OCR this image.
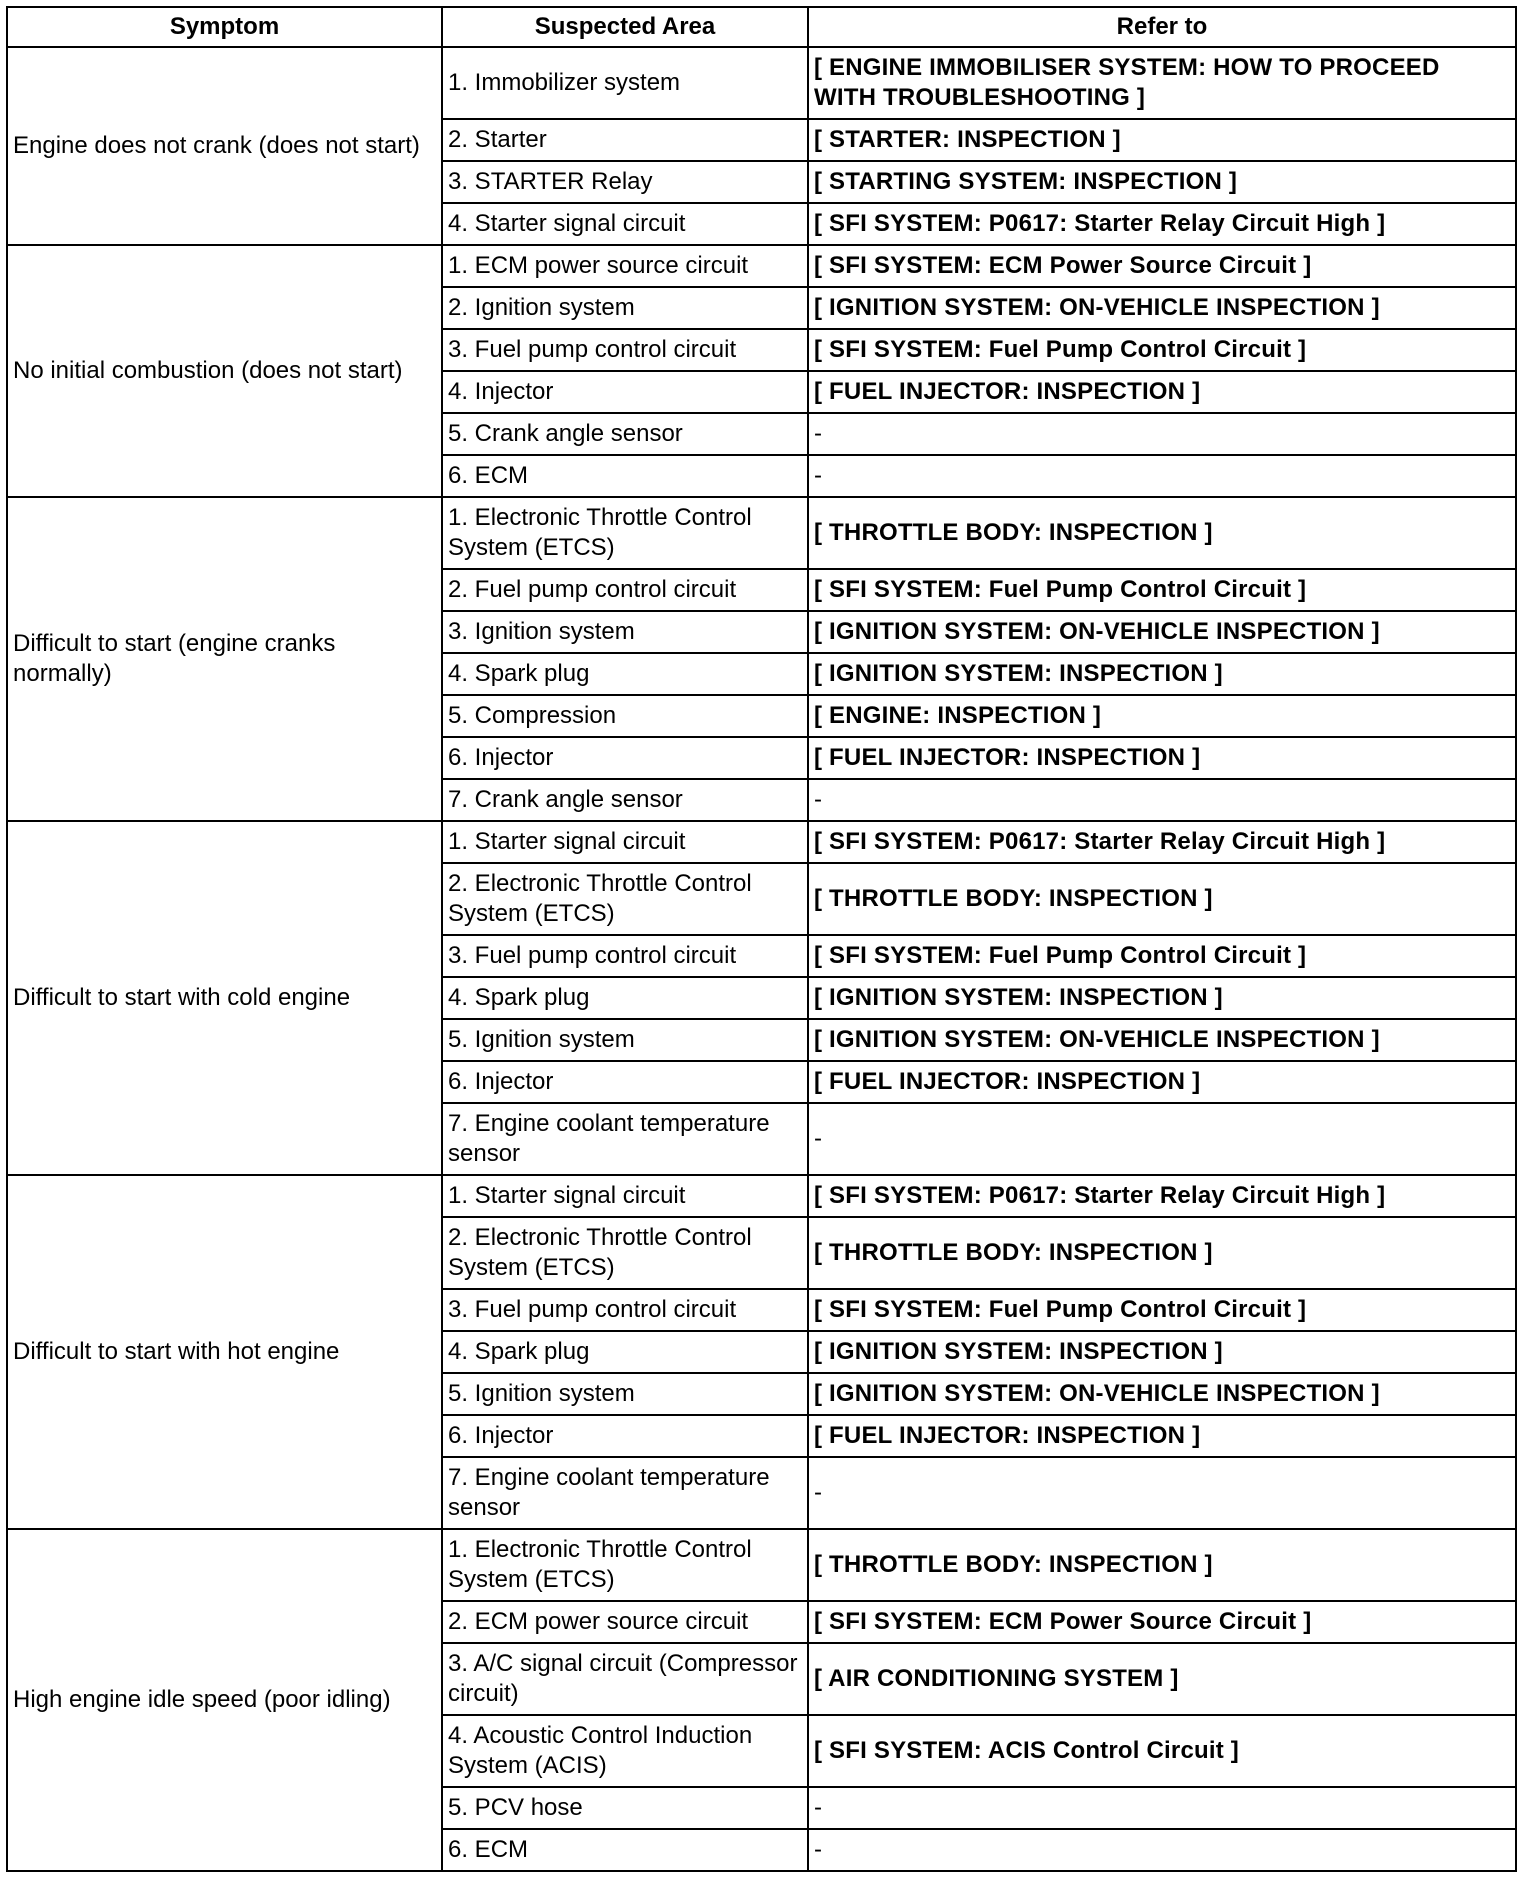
Symptom	Suspected Area	Refer to
Engine does not crank (does not start)	1. Immobilizer system	[ ENGINE IMMOBILISER SYSTEM: HOW TO PROCEED WITH TROUBLESHOOTING ]
	2. Starter	[ STARTER: INSPECTION ]
	3. STARTER Relay	[ STARTING SYSTEM: INSPECTION ]
	4. Starter signal circuit	[ SFI SYSTEM: P0617: Starter Relay Circuit High ]
No initial combustion (does not start)	1. ECM power source circuit	[ SFI SYSTEM: ECM Power Source Circuit ]
	2. Ignition system	[ IGNITION SYSTEM: ON-VEHICLE INSPECTION ]
	3. Fuel pump control circuit	[ SFI SYSTEM: Fuel Pump Control Circuit ]
	4. Injector	[ FUEL INJECTOR: INSPECTION ]
	5. Crank angle sensor	-
	6. ECM	-
Difficult to start (engine cranks normally)	1. Electronic Throttle Control System (ETCS)	[ THROTTLE BODY: INSPECTION ]
	2. Fuel pump control circuit	[ SFI SYSTEM: Fuel Pump Control Circuit ]
	3. Ignition system	[ IGNITION SYSTEM: ON-VEHICLE INSPECTION ]
	4. Spark plug	[ IGNITION SYSTEM: INSPECTION ]
	5. Compression	[ ENGINE: INSPECTION ]
	6. Injector	[ FUEL INJECTOR: INSPECTION ]
	7. Crank angle sensor	-
Difficult to start with cold engine	1. Starter signal circuit	[ SFI SYSTEM: P0617: Starter Relay Circuit High ]
	2. Electronic Throttle Control System (ETCS)	[ THROTTLE BODY: INSPECTION ]
	3. Fuel pump control circuit	[ SFI SYSTEM: Fuel Pump Control Circuit ]
	4. Spark plug	[ IGNITION SYSTEM: INSPECTION ]
	5. Ignition system	[ IGNITION SYSTEM: ON-VEHICLE INSPECTION ]
	6. Injector	[ FUEL INJECTOR: INSPECTION ]
	7. Engine coolant temperature sensor	-
Difficult to start with hot engine	1. Starter signal circuit	[ SFI SYSTEM: P0617: Starter Relay Circuit High ]
	2. Electronic Throttle Control System (ETCS)	[ THROTTLE BODY: INSPECTION ]
	3. Fuel pump control circuit	[ SFI SYSTEM: Fuel Pump Control Circuit ]
	4. Spark plug	[ IGNITION SYSTEM: INSPECTION ]
	5. Ignition system	[ IGNITION SYSTEM: ON-VEHICLE INSPECTION ]
	6. Injector	[ FUEL INJECTOR: INSPECTION ]
	7. Engine coolant temperature sensor	-
High engine idle speed (poor idling)	1. Electronic Throttle Control System (ETCS)	[ THROTTLE BODY: INSPECTION ]
	2. ECM power source circuit	[ SFI SYSTEM: ECM Power Source Circuit ]
	3. A/C signal circuit (Compressor circuit)	[ AIR CONDITIONING SYSTEM ]
	4. Acoustic Control Induction System (ACIS)	[ SFI SYSTEM: ACIS Control Circuit ]
	5. PCV hose	-
	6. ECM	-
